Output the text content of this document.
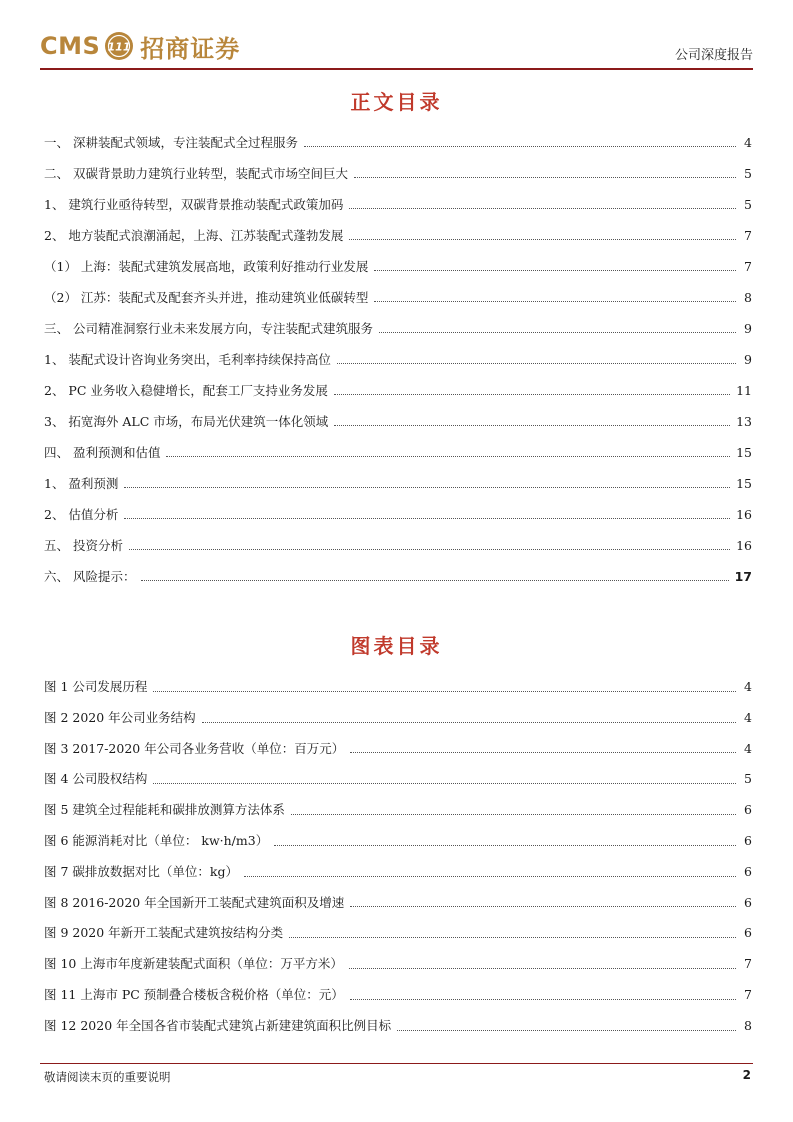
CMS 111 招商证券	公司深度报告
正文目录
一、 深耕装配式领域，专注装配式全过程服务	4
二、 双碳背景助力建筑行业转型，装配式市场空间巨大	5
1、 建筑行业亟待转型，双碳背景推动装配式政策加码	5
2、 地方装配式浪潮涌起，上海、江苏装配式蓬勃发展	7
（1） 上海：装配式建筑发展高地，政策利好推动行业发展	7
（2） 江苏：装配式及配套齐头并进，推动建筑业低碳转型	8
三、 公司精准洞察行业未来发展方向，专注装配式建筑服务	9
1、 装配式设计咨询业务突出，毛利率持续保持高位	9
2、 PC 业务收入稳健增长，配套工厂支持业务发展	11
3、 拓宽海外 ALC 市场，布局光伏建筑一体化领域	13
四、 盈利预测和估值	15
1、 盈利预测	15
2、 估值分析	16
五、 投资分析	16
六、 风险提示：	17
图表目录
图 1 公司发展历程	4
图 2 2020 年公司业务结构	4
图 3 2017-2020 年公司各业务营收（单位：百万元）	4
图 4 公司股权结构	5
图 5 建筑全过程能耗和碳排放测算方法体系	6
图 6 能源消耗对比（单位： kw·h/m3）	6
图 7 碳排放数据对比（单位：kg）	6
图 8 2016-2020 年全国新开工装配式建筑面积及增速	6
图 9 2020 年新开工装配式建筑按结构分类	6
图 10 上海市年度新建装配式面积（单位：万平方米）	7
图 11 上海市 PC 预制叠合楼板含税价格（单位：元）	7
图 12 2020 年全国各省市装配式建筑占新建建筑面积比例目标	8
敬请阅读末页的重要说明	2
